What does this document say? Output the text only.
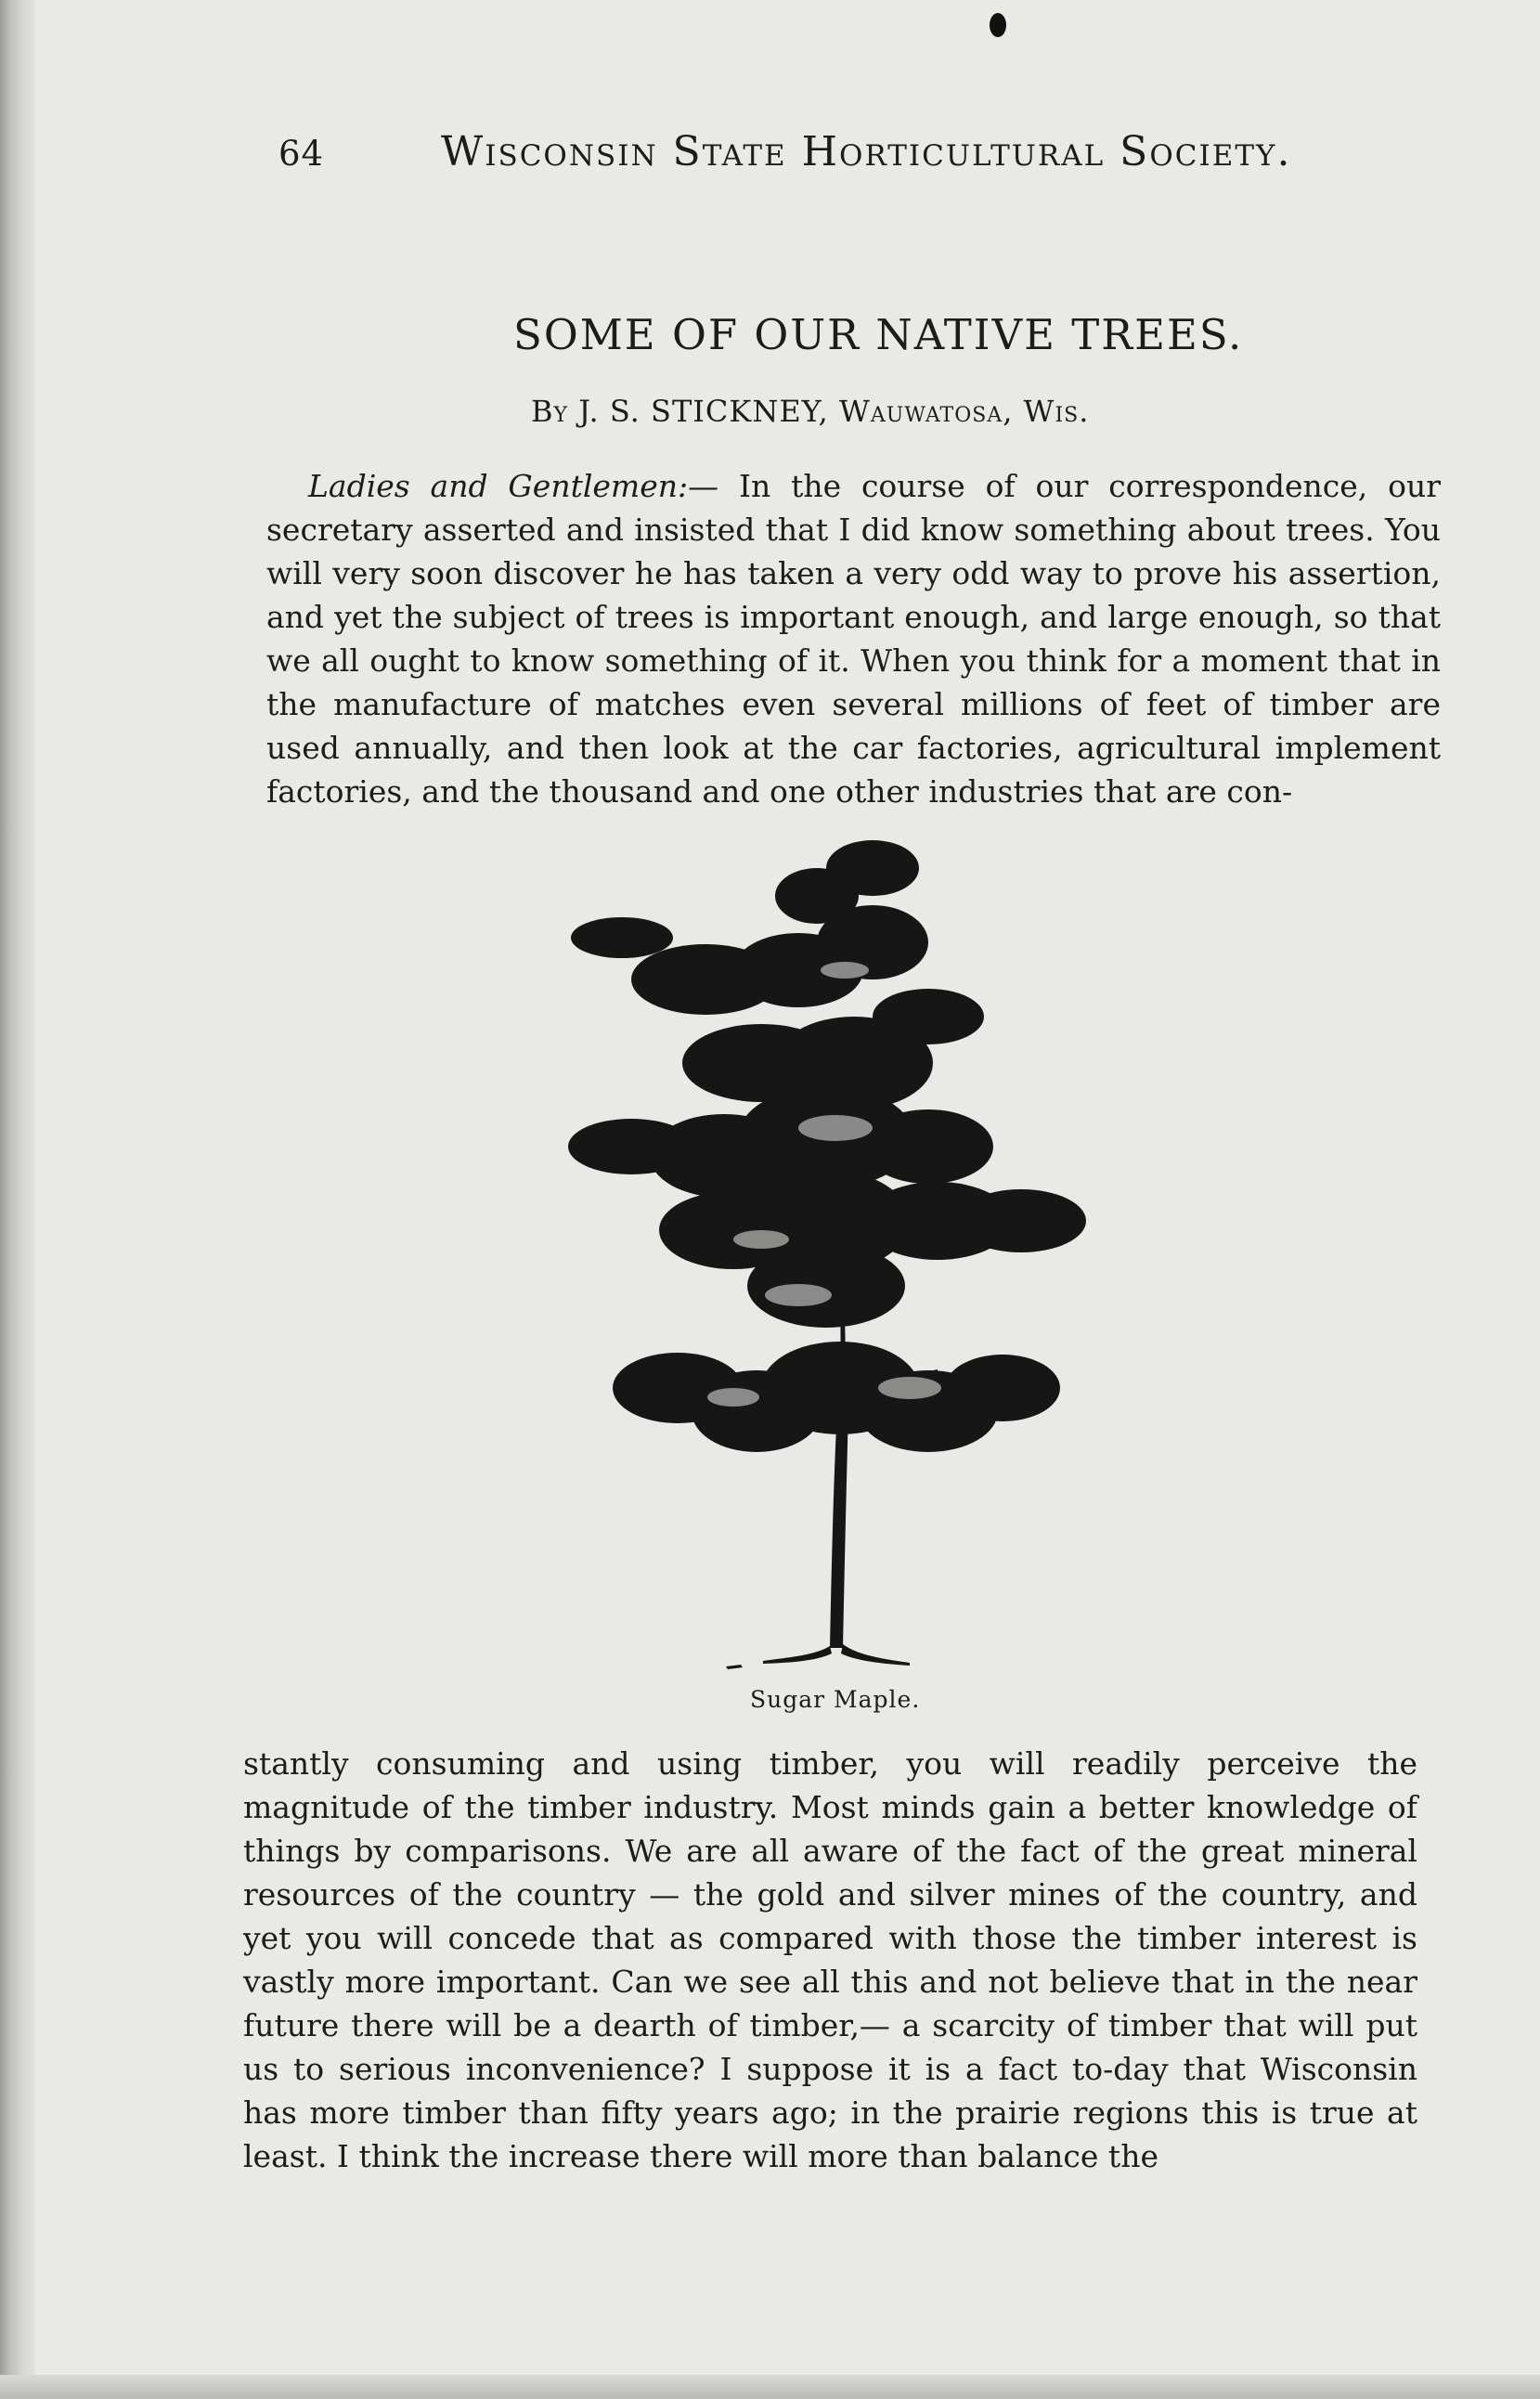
64	Wisconsin State Horticultural Society.
SOME OF OUR NATIVE TREES.
By J. S. STICKNEY, Wauwatosa, Wis.

Ladies and Gentlemen:— In the course of our correspondence, our secretary asserted and insisted that I did know something about trees. You will very soon discover he has taken a very odd way to prove his assertion, and yet the subject of trees is important enough, and large enough, so that we all ought to know something of it. When you think for a moment that in the manufacture of matches even several millions of feet of timber are used annually, and then look at the car factories, agricultural implement factories, and the thousand and one other industries that are con-

Sugar Maple.

stantly consuming and using timber, you will readily perceive the magnitude of the timber industry. Most minds gain a better knowledge of things by comparisons. We are all aware of the fact of the great mineral resources of the country — the gold and silver mines of the country, and yet you will concede that as compared with those the timber interest is vastly more important. Can we see all this and not believe that in the near future there will be a dearth of timber,— a scarcity of timber that will put us to serious inconvenience? I suppose it is a fact to-day that Wisconsin has more timber than fifty years ago; in the prairie regions this is true at least. I think the increase there will more than balance the
